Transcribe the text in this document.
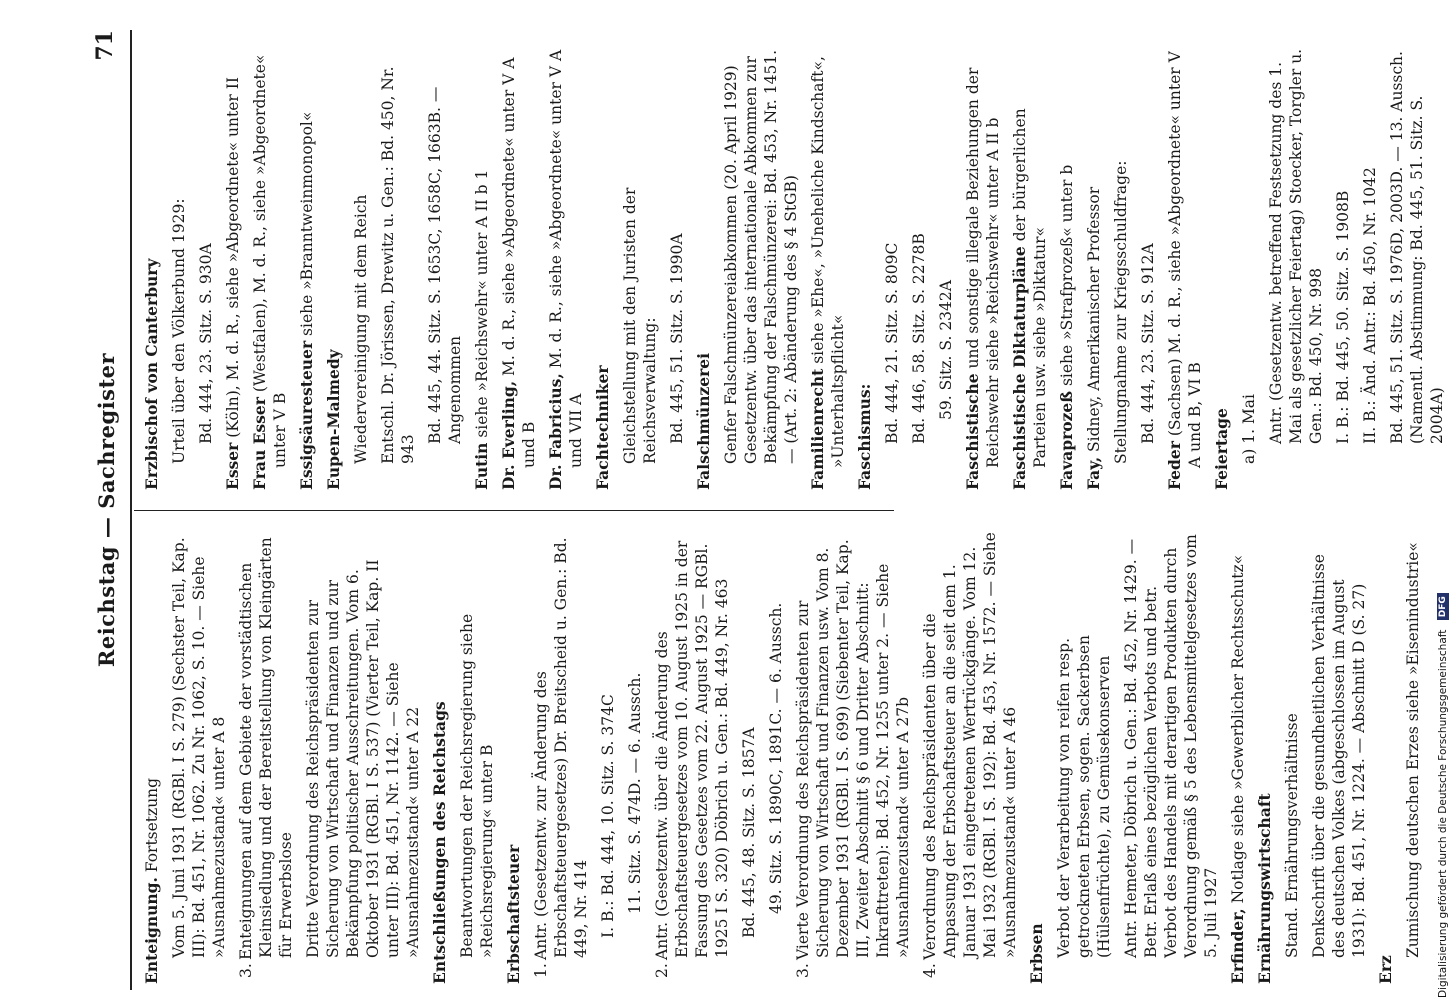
Reichstag — Sachregister
71
Enteignung. Fortsetzung Vom 5. Juni 1931 (RGBl. I S. 279) (Sechster Teil, Kap. III): Bd. 451, Nr. 1062. Zu Nr. 1062, S. 10. — Siehe »Ausnahmezustand« unter A 8
3.Enteignungen auf dem Gebiete der vorstädtischen Kleinsiedlung und der Bereitstellung von Kleingärten für Erwerbslose Dritte Verordnung des Reichspräsidenten zur Sicherung von Wirtschaft und Finanzen und zur Bekämpfung politischer Ausschreitungen. Vom 6. Oktober 1931 (RGBl. I S. 537) (Vierter Teil, Kap. II unter III): Bd. 451, Nr. 1142. — Siehe »Ausnahmezustand« unter A 22 Entschließungen des Reichstags Beantwortungen der Reichsregierung siehe »Reichsregierung« unter B Erbschaftsteuer 1.Antr. (Gesetzentw. zur Änderung des Erbschaftsteuergesetzes) Dr. Breitscheid u. Gen.: Bd. 449, Nr. 414 I. B.: Bd. 444, 10. Sitz. S. 374C 11. Sitz. S. 474D. — 6. Aussch.
2.Antr. (Gesetzentw. über die Änderung des Erbschaftsteuergesetzes vom 10. August 1925 in der Fassung des Gesetzes vom 22. August 1925 — RGBl. 1925 I S. 320) Döbrich u. Gen.: Bd. 449, Nr. 463 Bd. 445, 48. Sitz. S. 1857A 49. Sitz. S. 1890C, 1891C. — 6. Aussch.
3.Vierte Verordnung des Reichspräsidenten zur Sicherung von Wirtschaft und Finanzen usw. Vom 8. Dezember 1931 (RGBl. I S. 699) (Siebenter Teil, Kap. III, Zweiter Abschnitt § 6 und Dritter Abschnitt: Inkrafttreten): Bd. 452, Nr. 1255 unter 2. — Siehe »Ausnahmezustand« unter A 27b
4.Verordnung des Reichspräsidenten über die Anpassung der Erbschaftsteuer an die seit dem 1. Januar 1931 eingetretenen Wertrückgänge. Vom 12. Mai 1932 (RGBl. I S. 192): Bd. 453, Nr. 1572. — Siehe »Ausnahmezustand« unter A 46 Erbsen Verbot der Verarbeitung von reifen resp. getrockneten Erbsen, sogen. Sackerbsen (Hülsenfrüchte), zu Gemüsekonserven Antr. Hemeter, Döbrich u. Gen.: Bd. 452, Nr. 1429. — Betr. Erlaß eines bezüglichen Verbots und betr. Verbot des Handels mit derartigen Produkten durch Verordnung gemäß § 5 des Lebensmittelgesetzes vom 5. Juli 1927 Erfinder, Notlage siehe »Gewerblicher Rechtsschutz« Ernährungswirtschaft Stand. Ernährungsverhältnisse Denkschrift über die gesundheitlichen Verhältnisse des deutschen Volkes (abgeschlossen im August 1931): Bd. 451, Nr. 1224. — Abschnitt D (S. 27)
Erz
Zumischung deutschen Erzes siehe »Eisenindustrie«
Erzbischof von Canterbury Urteil über den Völkerbund 1929: Bd. 444, 23. Sitz. S. 930A
Esser (Köln), M. d. R., siehe »Abgeordnete« unter II
Frau Esser (Westfalen), M. d. R., siehe »Abgeordnete« unter V B Essigsäuresteuer siehe »Branntweinmonopol«
Eupen-Malmedy Wiedervereinigung mit dem Reich Entschl. Dr. Jörissen, Drewitz u. Gen.: Bd. 450, Nr. 943
Bd. 445, 44. Sitz. S. 1653C, 1658C, 1663B. — Angenommen
Eutin siehe »Reichswehr« unter A II b 1 Dr. Everling, M. d. R., siehe »Abgeordnete« unter V A und B Dr. Fabricius, M. d. R., siehe »Abgeordnete« unter V A und VII A Fachtechniker Gleichstellung mit den Juristen der Reichsverwaltung: Bd. 445, 51. Sitz. S. 1990A Falschmünzerei Genfer Falschmünzereiabkommen (20. April 1929) Gesetzentw. über das internationale Abkommen zur Bekämpfung der Falschmünzerei: Bd. 453, Nr. 1451. — (Art. 2: Abänderung des § 4 StGB) Familienrecht siehe »Ehe«, »Uneheliche Kindschaft«, »Unterhaltspflicht« Faschismus: Bd. 444, 21. Sitz. S. 809C Bd. 446, 58. Sitz. S. 2278B 59. Sitz. S. 2342A
Faschistische und sonstige illegale Beziehungen der Reichswehr siehe »Reichswehr« unter A II b Faschistische Diktaturpläne der bürgerlichen Parteien usw. siehe »Diktatur« Favaprozeß siehe »Strafprozeß« unter b
Fay, Sidney, Amerikanischer Professor Stellungnahme zur Kriegsschuldfrage: Bd. 444, 23. Sitz. S. 912A
Feder (Sachsen) M. d. R., siehe »Abgeordnete« unter V A und B, VI B Feiertage a) 1. Mai Antr. (Gesetzentw. betreffend Festsetzung des 1. Mai als gesetzlicher Feiertag) Stoecker, Torgler u. Gen.: Bd. 450, Nr. 998 I. B.: Bd. 445, 50. Sitz. S. 1908B II. B.: Änd. Antr.: Bd. 450, Nr. 1042 Bd. 445, 51. Sitz. S. 1976D, 2003D. — 13. Aussch. (Namentl. Abstimmung: Bd. 445, 51. Sitz. S. 2004A)
Digitalisierung gefördert durch die Deutsche Forschungsgemeinschaft DFG
